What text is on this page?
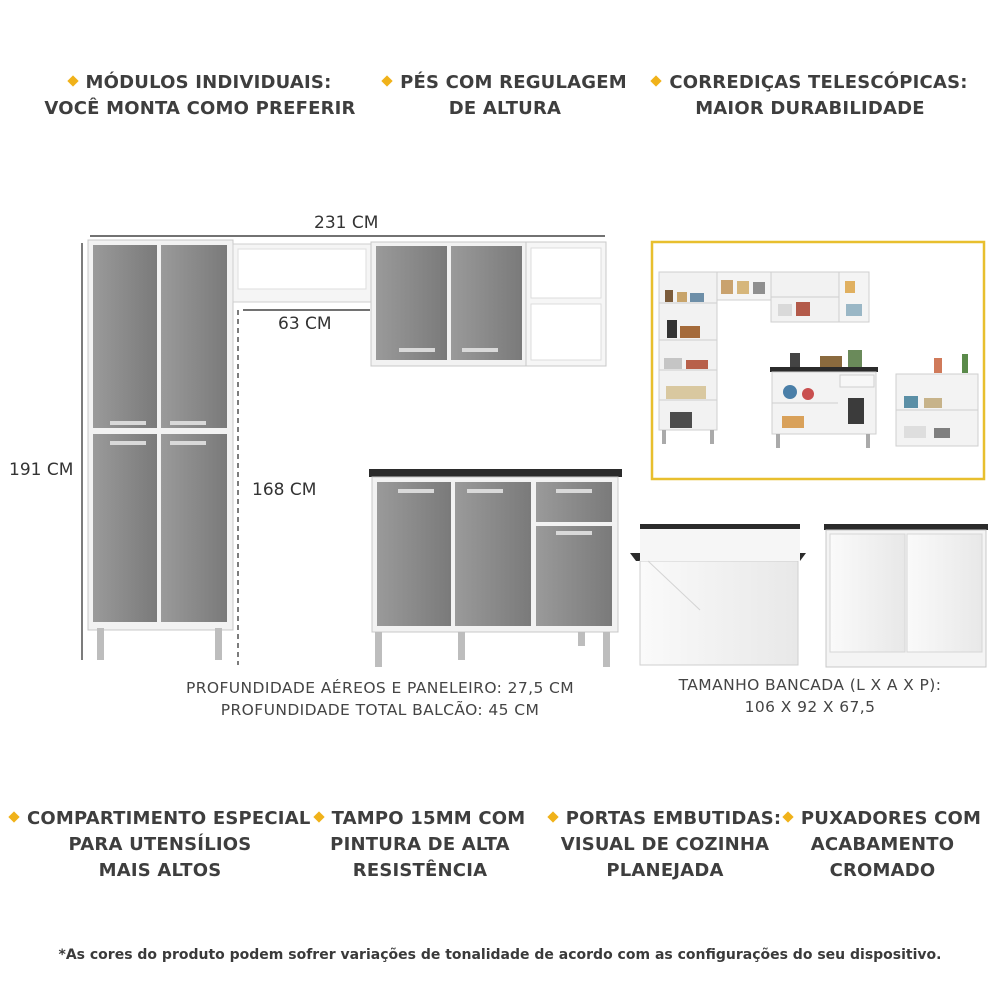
MÓDULOS INDIVIDUAIS:
VOCÊ MONTA COMO PREFERIR
PÉS COM REGULAGEM
DE ALTURA
CORREDIÇAS TELESCÓPICAS:
MAIOR DURABILIDADE
231 CM
63 CM
191 CM
168 CM
PROFUNDIDADE AÉREOS E PANELEIRO: 27,5 CM
PROFUNDIDADE TOTAL BALCÃO: 45 CM
TAMANHO BANCADA (L X A X P):
106 X 92 X 67,5
COMPARTIMENTO ESPECIAL
PARA UTENSÍLIOS
MAIS ALTOS
TAMPO 15MM COM
PINTURA DE ALTA
RESISTÊNCIA
PORTAS EMBUTIDAS:
VISUAL DE COZINHA
PLANEJADA
PUXADORES COM
ACABAMENTO
CROMADO
*As cores do produto podem sofrer variações de tonalidade de acordo com as configurações do seu dispositivo.
